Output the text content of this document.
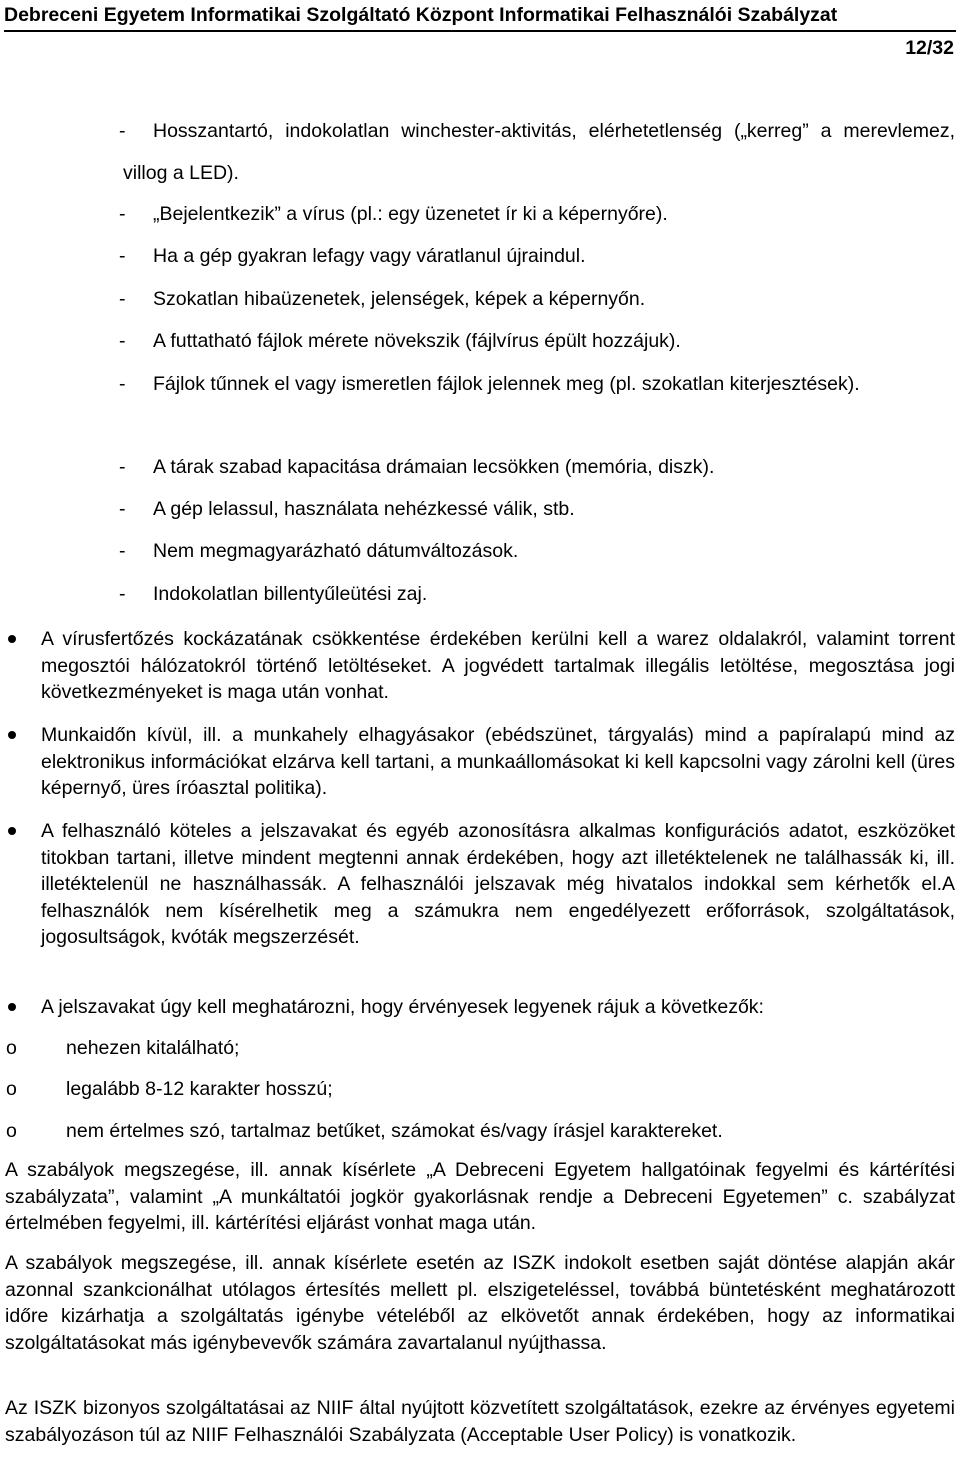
Debreceni Egyetem Informatikai Szolgáltató Központ Informatikai Felhasználói Szabályzat
12/32
-	Hosszantartó, indokolatlan winchester-aktivitás, elérhetetlenség („kerreg” a merevlemez, villog a LED).
-	„Bejelentkezik” a vírus (pl.: egy üzenetet ír ki a képernyőre).
-	Ha a gép gyakran lefagy vagy váratlanul újraindul.
-	Szokatlan hibaüzenetek, jelenségek, képek a képernyőn.
-	A futtatható fájlok mérete növekszik (fájlvírus épült hozzájuk).
-	Fájlok tűnnek el vagy ismeretlen fájlok jelennek meg (pl. szokatlan kiterjesztések).
-	A tárak szabad kapacitása drámaian lecsökken (memória, diszk).
-	A gép lelassul, használata nehézkessé válik, stb.
-	Nem megmagyarázható dátumváltozások.
-	Indokolatlan billentyűleütési zaj.
A vírusfertőzés kockázatának csökkentése érdekében kerülni kell a warez oldalakról, valamint torrent megosztói hálózatokról történő letöltéseket. A jogvédett tartalmak illegális letöltése, megosztása jogi következményeket is maga után vonhat.
Munkaidőn kívül, ill. a munkahely elhagyásakor (ebédszünet, tárgyalás) mind a papíralapú mind az elektronikus információkat elzárva kell tartani, a munkaállomásokat ki kell kapcsolni vagy zárolni kell (üres képernyő, üres íróasztal politika).
A felhasználó köteles a jelszavakat és egyéb azonosításra alkalmas konfigurációs adatot, eszközöket titokban tartani, illetve mindent megtenni annak érdekében, hogy azt illetéktelenek ne találhassák ki, ill. illetéktelenül ne használhassák. A felhasználói jelszavak még hivatalos indokkal sem kérhetők el.A felhasználók nem kísérelhetik meg a számukra nem engedélyezett erőforrások, szolgáltatások, jogosultságok, kvóták megszerzését.
A jelszavakat úgy kell meghatározni, hogy érvényesek legyenek rájuk a következők:
o	nehezen kitalálható;
o	legalább 8-12 karakter hosszú;
o	nem értelmes szó, tartalmaz betűket, számokat és/vagy írásjel karaktereket.
A szabályok megszegése, ill. annak kísérlete „A Debreceni Egyetem hallgatóinak fegyelmi és kártérítési szabályzata”, valamint „A munkáltatói jogkör gyakorlásnak rendje a Debreceni Egyetemen” c. szabályzat értelmében fegyelmi, ill. kártérítési eljárást vonhat maga után.
A szabályok megszegése, ill. annak kísérlete esetén az ISZK indokolt esetben saját döntése alapján akár azonnal szankcionálhat utólagos értesítés mellett pl. elszigeteléssel, továbbá büntetésként meghatározott időre kizárhatja a szolgáltatás igénybe vételéből az elkövetőt annak érdekében, hogy az informatikai szolgáltatásokat más igénybevevők számára zavartalanul nyújthassa.
Az ISZK bizonyos szolgáltatásai az NIIF által nyújtott közvetített szolgáltatások, ezekre az érvényes egyetemi szabályozáson túl az NIIF Felhasználói Szabályzata (Acceptable User Policy) is vonatkozik.
